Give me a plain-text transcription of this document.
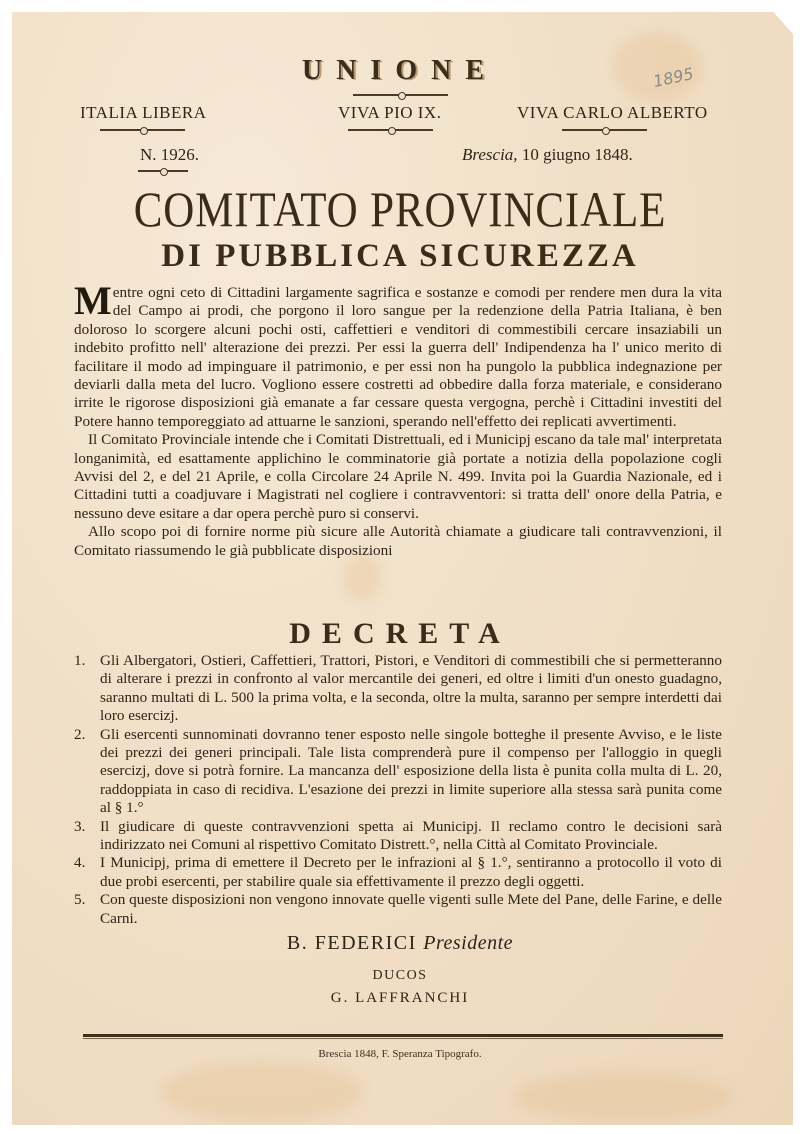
UNIONE	1895
ITALIA LIBERA	VIVA PIO IX.	VIVA CARLO ALBERTO
N. 1926.	Brescia, 10 giugno 1848.
COMITATO PROVINCIALE
DI PUBBLICA SICUREZZA

Mentre ogni ceto di Cittadini largamente sagrifica e sostanze e comodi per rendere men dura la vita del Campo ai prodi, che porgono il loro sangue per la redenzione della Patria Italiana, è ben doloroso lo scorgere alcuni pochi osti, caffettieri e venditori di commestibili cercare insaziabili un indebito profitto nell' alterazione dei prezzi. Per essi la guerra dell' Indipendenza ha l' unico merito di facilitare il modo ad impinguare il patrimonio, e per essi non ha pungolo la pubblica indegnazione per deviarli dalla meta del lucro. Vogliono essere costretti ad obbedire dalla forza materiale, e considerano irrite le rigorose disposizioni già emanate a far cessare questa vergogna, perchè i Cittadini investiti del Potere hanno temporeggiato ad attuarne le sanzioni, sperando nell'effetto dei replicati avvertimenti.

Il Comitato Provinciale intende che i Comitati Distrettuali, ed i Municipj escano da tale mal' interpretata longanimità, ed esattamente applichino le comminatorie già portate a notizia della popolazione cogli Avvisi del 2, e del 21 Aprile, e colla Circolare 24 Aprile N. 499. Invita poi la Guardia Nazionale, ed i Cittadini tutti a coadjuvare i Magistrati nel cogliere i contravventori: si tratta dell' onore della Patria, e nessuno deve esitare a dar opera perchè puro si conservi.

Allo scopo poi di fornire norme più sicure alle Autorità chiamate a giudicare tali contravvenzioni, il Comitato riassumendo le già pubblicate disposizioni

DECRETA
1. Gli Albergatori, Ostieri, Caffettieri, Trattori, Pistori, e Venditori di commestibili che si permetteranno di alterare i prezzi in confronto al valor mercantile dei generi, ed oltre i limiti d'un onesto guadagno, saranno multati di L. 500 la prima volta, e la seconda, oltre la multa, saranno per sempre interdetti dai loro esercizj.
2. Gli esercenti sunnominati dovranno tener esposto nelle singole botteghe il presente Avviso, e le liste dei prezzi dei generi principali. Tale lista comprenderà pure il compenso per l'alloggio in quegli esercizj, dove si potrà fornire. La mancanza dell' esposizione della lista è punita colla multa di L. 20, raddoppiata in caso di recidiva. L'esazione dei prezzi in limite superiore alla stessa sarà punita come al § 1.°
3. Il giudicare di queste contravvenzioni spetta ai Municipj. Il reclamo contro le decisioni sarà indirizzato nei Comuni al rispettivo Comitato Distrett.°, nella Città al Comitato Provinciale.
4. I Municipj, prima di emettere il Decreto per le infrazioni al § 1.°, sentiranno a protocollo il voto di due probi esercenti, per stabilire quale sia effettivamente il prezzo degli oggetti.
5. Con queste disposizioni non vengono innovate quelle vigenti sulle Mete del Pane, delle Farine, e delle Carni.
B. FEDERICI Presidente
DUCOS
G. LAFFRANCHI
Brescia 1848, F. Speranza Tipografo.
